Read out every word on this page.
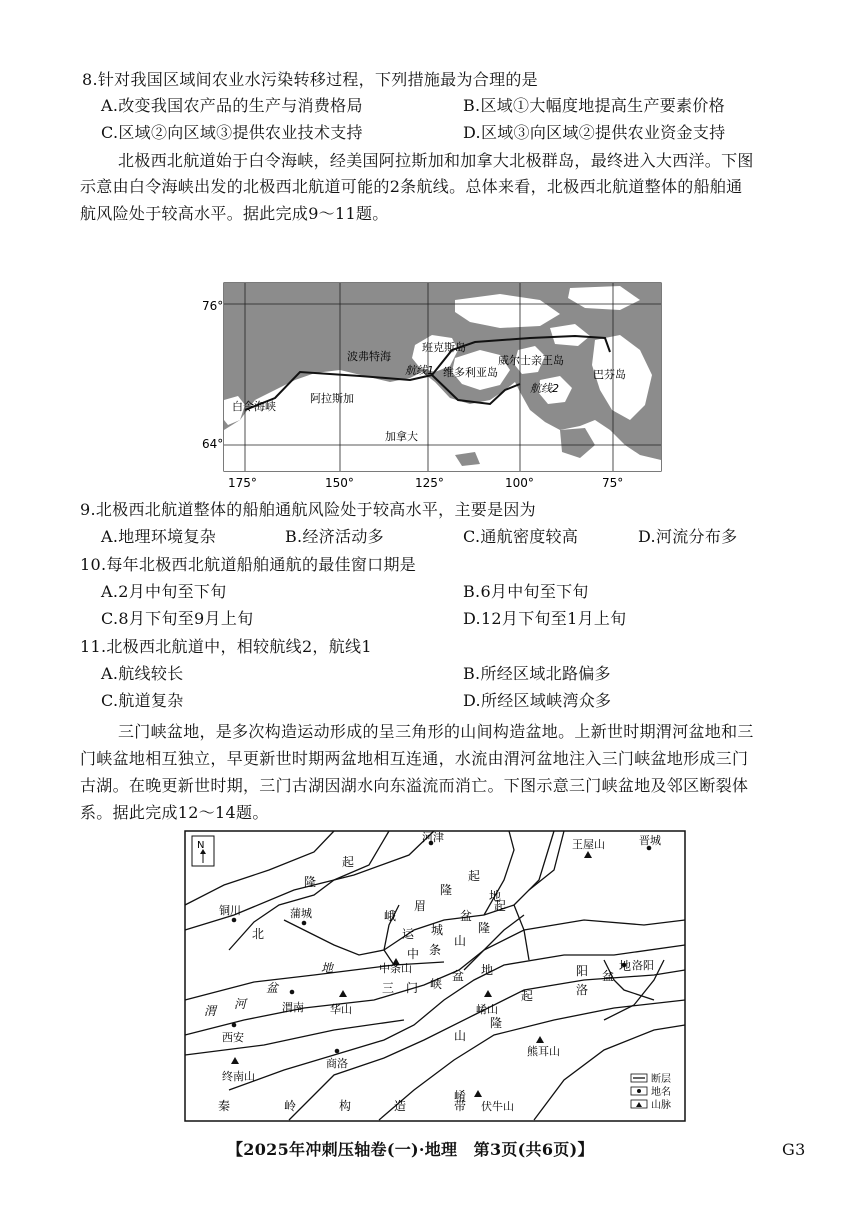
8.针对我国区域间农业水污染转移过程，下列措施最为合理的是
A.改变我国农产品的生产与消费格局	B.区域①大幅度地提高生产要素价格
C.区域②向区域③提供农业技术支持	D.区域③向区域②提供农业资金支持
北极西北航道始于白令海峡，经美国阿拉斯加和加拿大北极群岛，最终进入大西洋。下图
示意由白令海峡出发的北极西北航道可能的2条航线。总体来看，北极西北航道整体的船舶通
航风险处于较高水平。据此完成9～11题。
76°
64°
175°	150°	125°	100°	75°
波弗特海
班克斯岛
航线1 维多利亚岛
威尔士亲王岛
巴芬岛
航线2
白令海峡
阿拉斯加
加拿大
9.北极西北航道整体的船舶通航风险处于较高水平，主要是因为
A.地理环境复杂	B.经济活动多	C.通航密度较高	D.河流分布多
10.每年北极西北航道船舶通航的最佳窗口期是
A.2月中旬至下旬	B.6月中旬至下旬
C.8月下旬至9月上旬	D.12月下旬至1月上旬
11.北极西北航道中，相较航线2，航线1
A.航线较长	B.所经区域北路偏多
C.航道复杂	D.所经区域峡湾众多
三门峡盆地，是多次构造运动形成的呈三角形的山间构造盆地。上新世时期渭河盆地和三
门峡盆地相互独立，早更新世时期两盆地相互连通，水流由渭河盆地注入三门峡盆地形成三门
古湖。在晚更新世时期，三门古湖因湖水向东溢流而消亡。下图示意三门峡盆地及邻区断裂体
系。据此完成12～14题。
N
河津
王屋山	晋城
铜川	蒲城
中条山	洛阳
渭南 华山	崤山
西安
熊耳山
终南山
商洛
伏牛山
北
隆
起
峨
眉
隆
起
运 城
盆
地
中 条
山
隆
起
渭 河
盆
地
三 门 峡
盆 地
洛
阳 盆
地
崤
山
隆
起
秦	岭	构	造	带
断层
地名
山脉
【2025年冲刺压轴卷(一)·地理　第3页(共6页)】	G3
